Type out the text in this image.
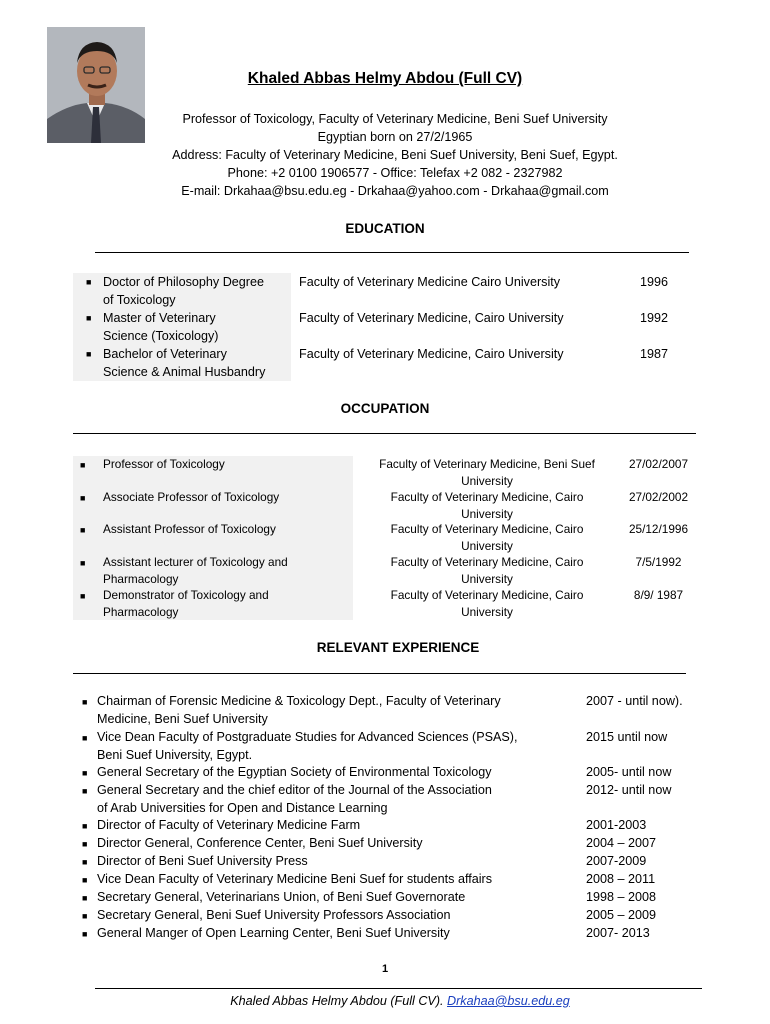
Khaled Abbas Helmy Abdou (Full CV)
Professor of Toxicology, Faculty of Veterinary Medicine, Beni Suef University
Egyptian born on 27/2/1965
Address: Faculty of Veterinary Medicine, Beni Suef University, Beni Suef, Egypt.
Phone: +2 0100 1906577 - Office: Telefax +2 082 - 2327982
E-mail: Drkahaa@bsu.edu.eg - Drkahaa@yahoo.com - Drkahaa@gmail.com
EDUCATION
■ Doctor of Philosophy Degree
of Toxicology
Faculty of Veterinary Medicine Cairo University	1996
■ Master of Veterinary
Science (Toxicology)
Faculty of Veterinary Medicine, Cairo University	1992
■ Bachelor of Veterinary
Science & Animal Husbandry
Faculty of Veterinary Medicine, Cairo University	1987
OCCUPATION
■ Professor of Toxicology	Faculty of Veterinary Medicine, Beni Suef
University
27/02/2007
■ Associate Professor of Toxicology	Faculty of Veterinary Medicine, Cairo
University
27/02/2002
■ Assistant Professor of Toxicology	Faculty of Veterinary Medicine, Cairo
University
25/12/1996
■ Assistant lecturer of Toxicology and
Pharmacology
Faculty of Veterinary Medicine, Cairo
University
7/5/1992
■ Demonstrator of Toxicology and
Pharmacology
Faculty of Veterinary Medicine, Cairo
University
8/9/ 1987
RELEVANT EXPERIENCE
■ Chairman of Forensic Medicine & Toxicology Dept., Faculty of Veterinary
Medicine, Beni Suef University
2007 - until now).
■ Vice Dean Faculty of Postgraduate Studies for Advanced Sciences (PSAS),
Beni Suef University, Egypt.
2015 until now
■ General Secretary of the Egyptian Society of Environmental Toxicology	2005- until now
■ General Secretary and the chief editor of the Journal of the Association
of Arab Universities for Open and Distance Learning
2012- until now
■ Director of Faculty of Veterinary Medicine Farm	2001-2003
■ Director General, Conference Center, Beni Suef University	2004 – 2007
■ Director of Beni Suef University Press	2007-2009
■ Vice Dean Faculty of Veterinary Medicine Beni Suef for students affairs	2008 – 2011
■ Secretary General, Veterinarians Union, of Beni Suef Governorate	1998 – 2008
■ Secretary General, Beni Suef University Professors Association	2005 – 2009
■ General Manger of Open Learning Center, Beni Suef University	2007- 2013
1
Khaled Abbas Helmy Abdou (Full CV). Drkahaa@bsu.edu.eg
